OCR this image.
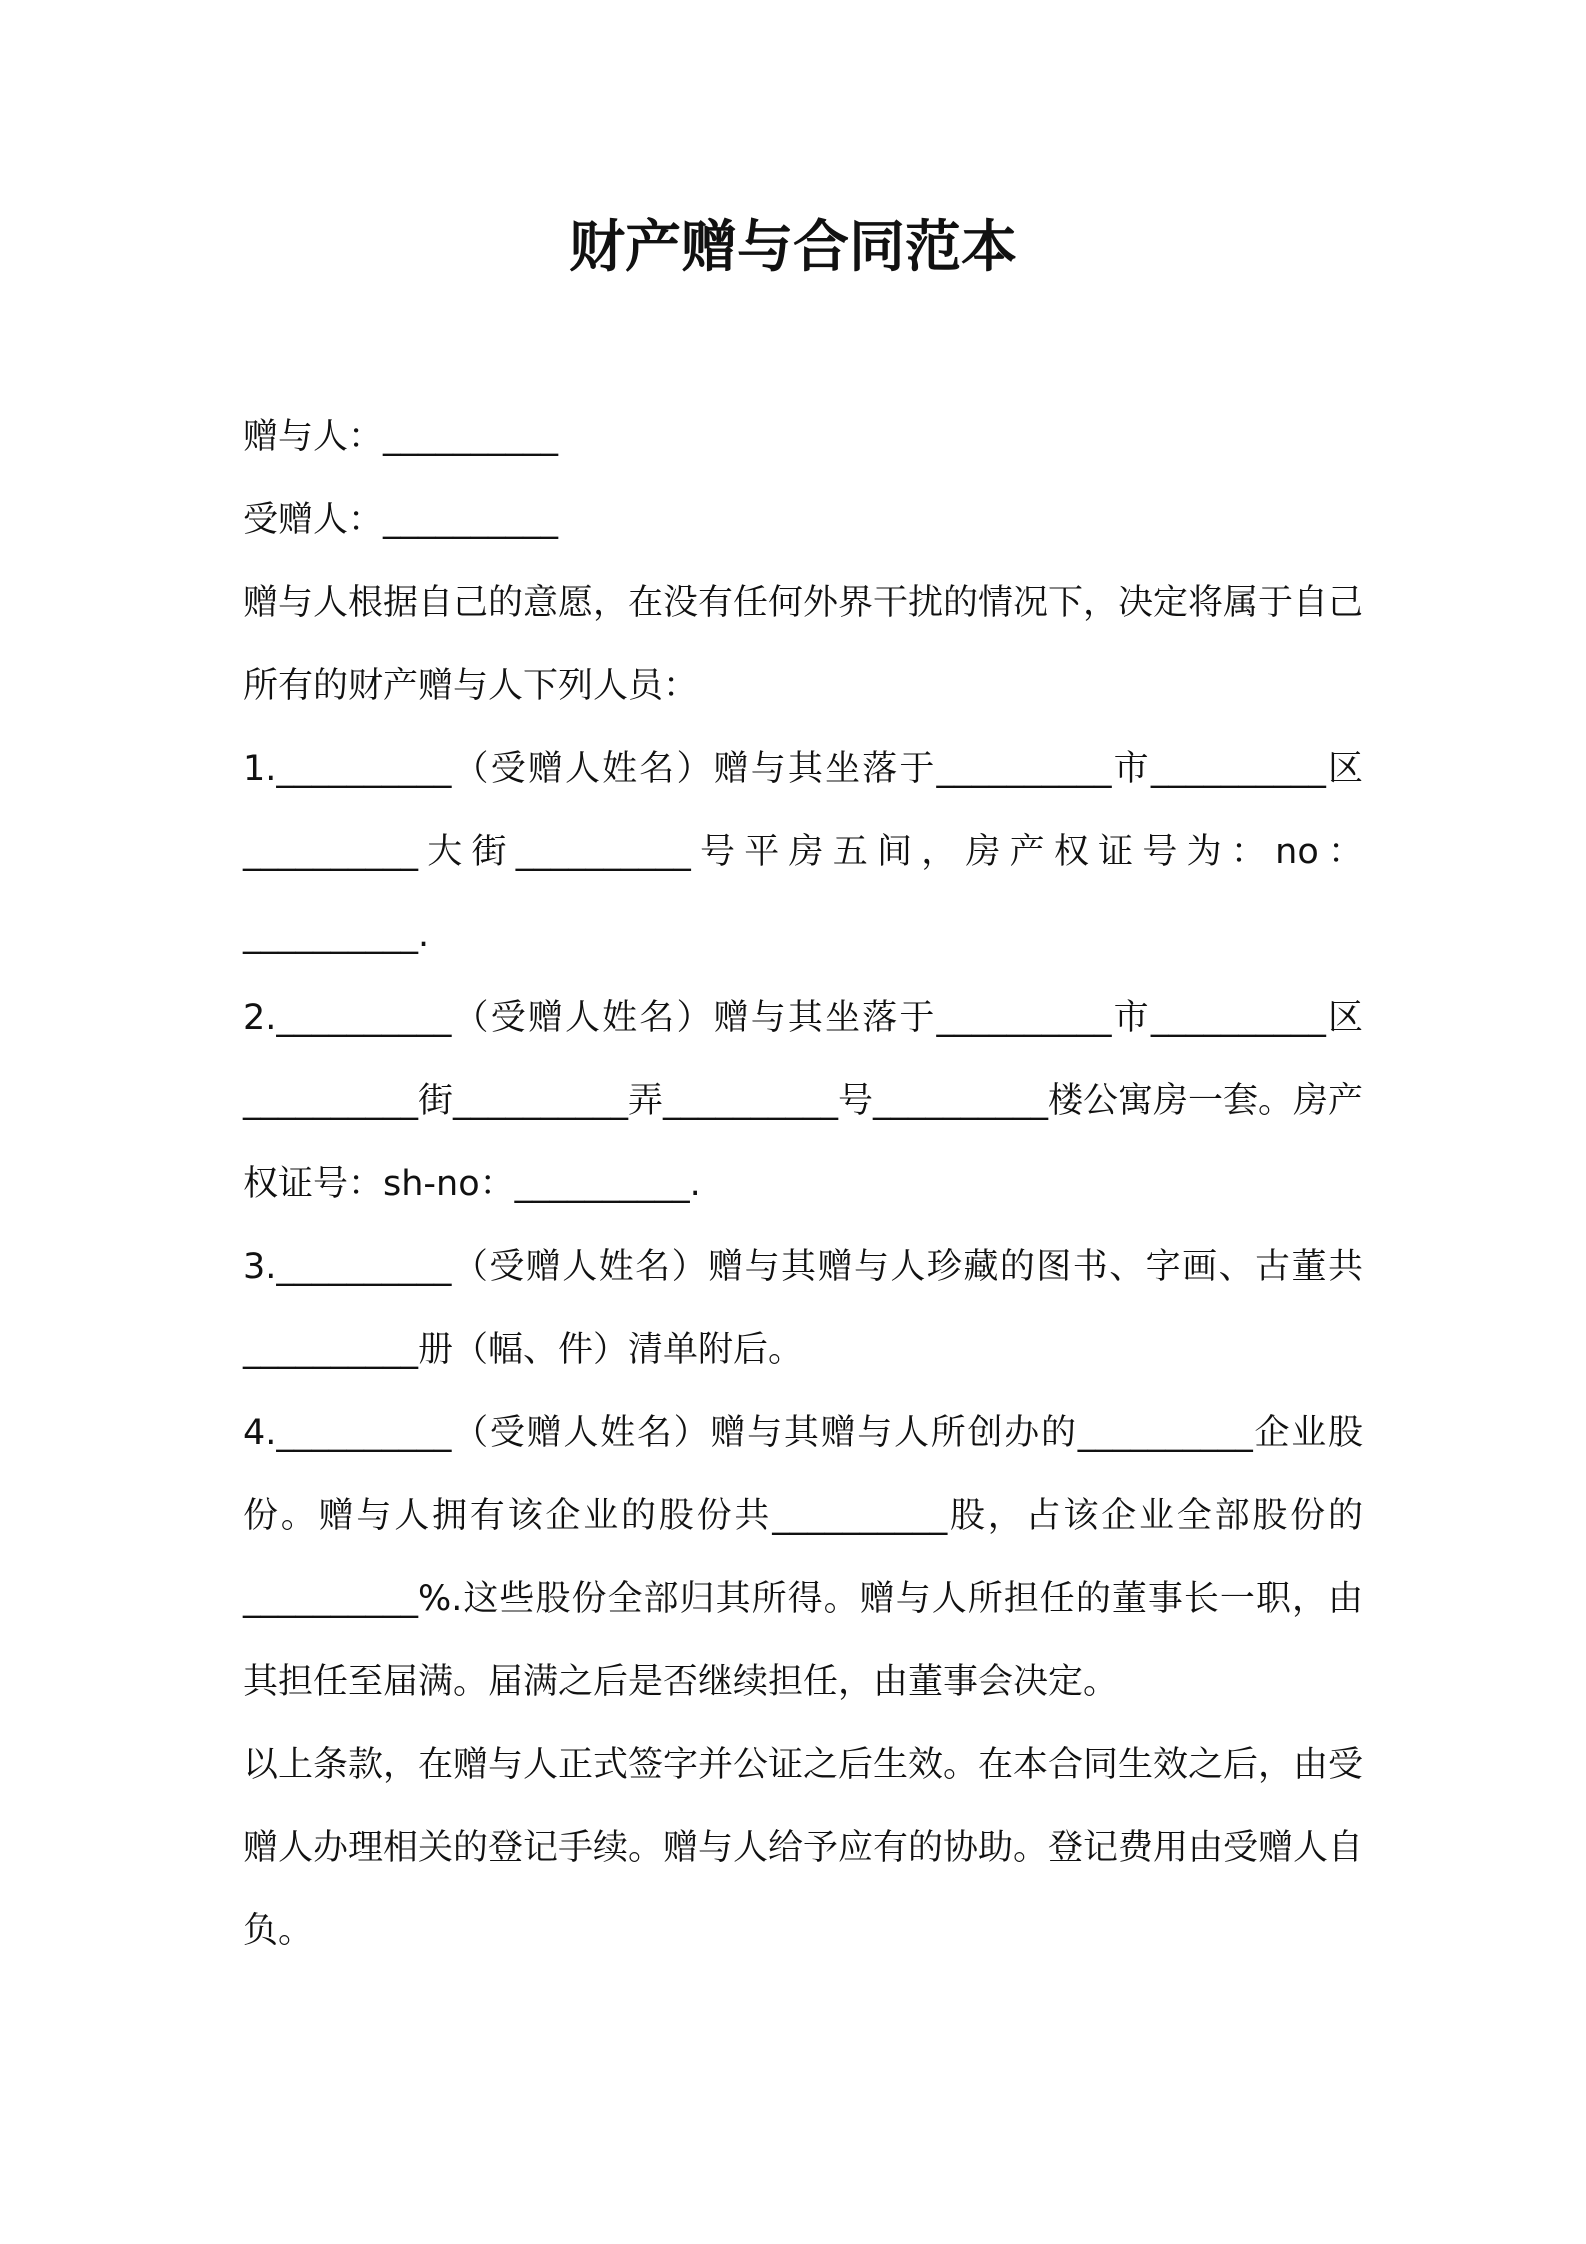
财产赠与合同范本

赠与人：__________

受赠人：__________

赠与人根据自己的意愿，在没有任何外界干扰的情况下，决定将属于自己所有的财产赠与人下列人员：

1.__________（受赠人姓名）赠与其坐落于__________市__________区__________大街__________号平房五间，房产权证号为：no：__________.

2.__________（受赠人姓名）赠与其坐落于__________市__________区__________街__________弄__________号__________楼公寓房一套。房产权证号：sh-no：__________.

3.__________（受赠人姓名）赠与其赠与人珍藏的图书、字画、古董共__________册（幅、件）清单附后。

4.__________（受赠人姓名）赠与其赠与人所创办的__________企业股份。赠与人拥有该企业的股份共__________股，占该企业全部股份的__________%.这些股份全部归其所得。赠与人所担任的董事长一职，由其担任至届满。届满之后是否继续担任，由董事会决定。

以上条款，在赠与人正式签字并公证之后生效。在本合同生效之后，由受赠人办理相关的登记手续。赠与人给予应有的协助。登记费用由受赠人自负。
